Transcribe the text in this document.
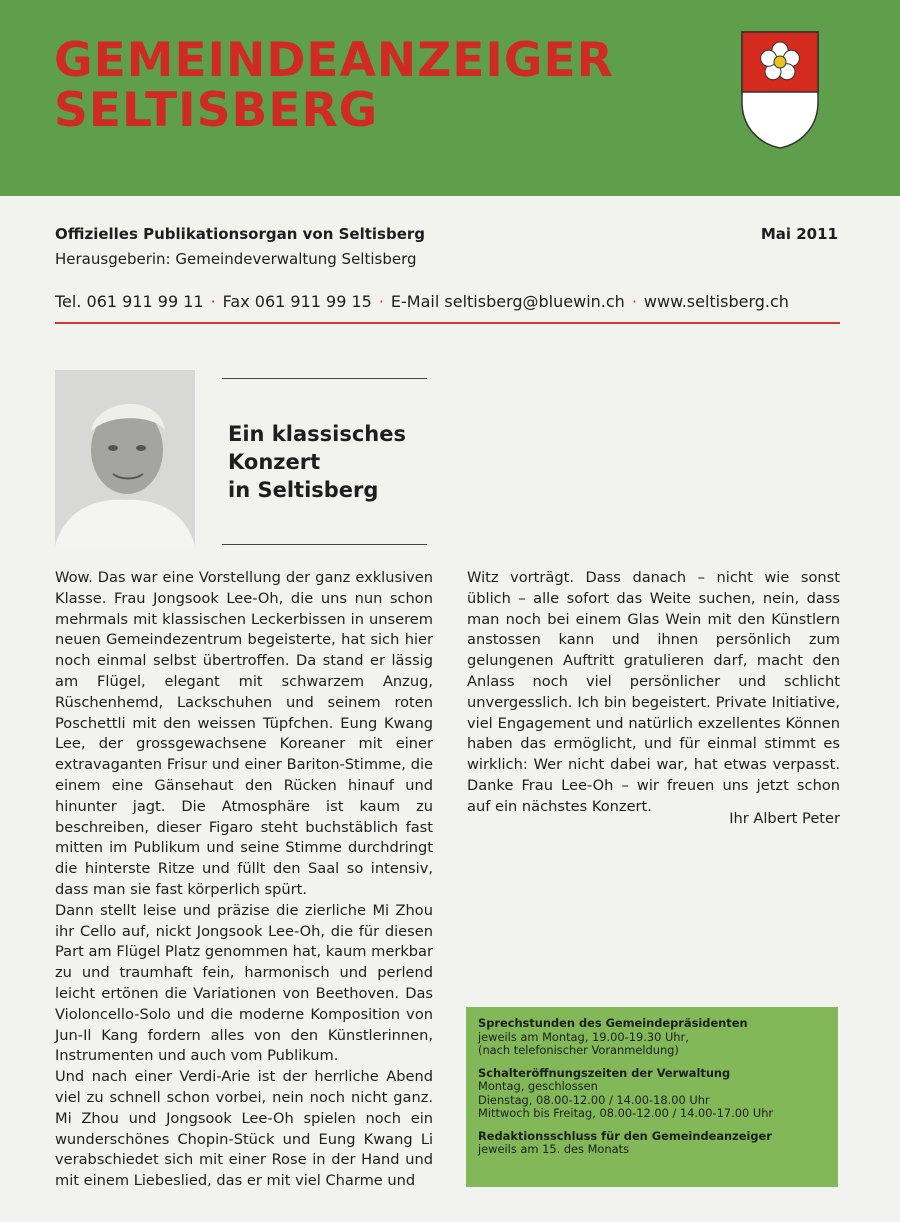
GEMEINDEANZEIGER
SELTISBERG
Offizielles Publikationsorgan von Seltisberg	Mai 2011
Herausgeberin: Gemeindeverwaltung Seltisberg
Tel. 061 911 99 11 · Fax 061 911 99 15 · E-Mail seltisberg@bluewin.ch · www.seltisberg.ch
Ein klassisches
Konzert
in Seltisberg

Wow. Das war eine Vorstellung der ganz exklusiven Klasse. Frau Jongsook Lee-Oh, die uns nun schon mehrmals mit klassischen Leckerbissen in unserem neuen Gemeindezentrum begeisterte, hat sich hier noch einmal selbst übertroffen. Da stand er lässig am Flügel, elegant mit schwarzem Anzug, Rüschenhemd, Lackschuhen und seinem roten Poschettli mit den weissen Tüpfchen. Eung Kwang Lee, der grossgewachsene Koreaner mit einer extravaganten Frisur und einer Bariton-Stimme, die einem eine Gänsehaut den Rücken hinauf und hinunter jagt. Die Atmosphäre ist kaum zu beschreiben, dieser Figaro steht buchstäblich fast mitten im Publikum und seine Stimme durchdringt die hinterste Ritze und füllt den Saal so intensiv, dass man sie fast körperlich spürt.

Dann stellt leise und präzise die zierliche Mi Zhou ihr Cello auf, nickt Jongsook Lee-Oh, die für diesen Part am Flügel Platz genommen hat, kaum merkbar zu und traumhaft fein, harmonisch und perlend leicht ertönen die Variationen von Beethoven. Das Violoncello-Solo und die moderne Komposition von Jun-Il Kang fordern alles von den Künstlerinnen, Instrumenten und auch vom Publikum.

Und nach einer Verdi-Arie ist der herrliche Abend viel zu schnell schon vorbei, nein noch nicht ganz. Mi Zhou und Jongsook Lee-Oh spielen noch ein wunderschönes Chopin-Stück und Eung Kwang Li verabschiedet sich mit einer Rose in der Hand und mit einem Liebeslied, das er mit viel Charme und

Witz vorträgt. Dass danach – nicht wie sonst üblich – alle sofort das Weite suchen, nein, dass man noch bei einem Glas Wein mit den Künstlern anstossen kann und ihnen persönlich zum gelungenen Auftritt gratulieren darf, macht den Anlass noch viel persönlicher und schlicht unvergesslich. Ich bin begeistert. Private Initiative, viel Engagement und natürlich exzellentes Können haben das ermöglicht, und für einmal stimmt es wirklich: Wer nicht dabei war, hat etwas verpasst. Danke Frau Lee-Oh – wir freuen uns jetzt schon auf ein nächstes Konzert.

Ihr Albert Peter
Sprechstunden des Gemeindepräsidenten
jeweils am Montag, 19.00-19.30 Uhr,
(nach telefonischer Voranmeldung)
Schalteröffnungszeiten der Verwaltung
Montag, geschlossen
Dienstag, 08.00-12.00 / 14.00-18.00 Uhr
Mittwoch bis Freitag, 08.00-12.00 / 14.00-17.00 Uhr
Redaktionsschluss für den Gemeindeanzeiger
jeweils am 15. des Monats
